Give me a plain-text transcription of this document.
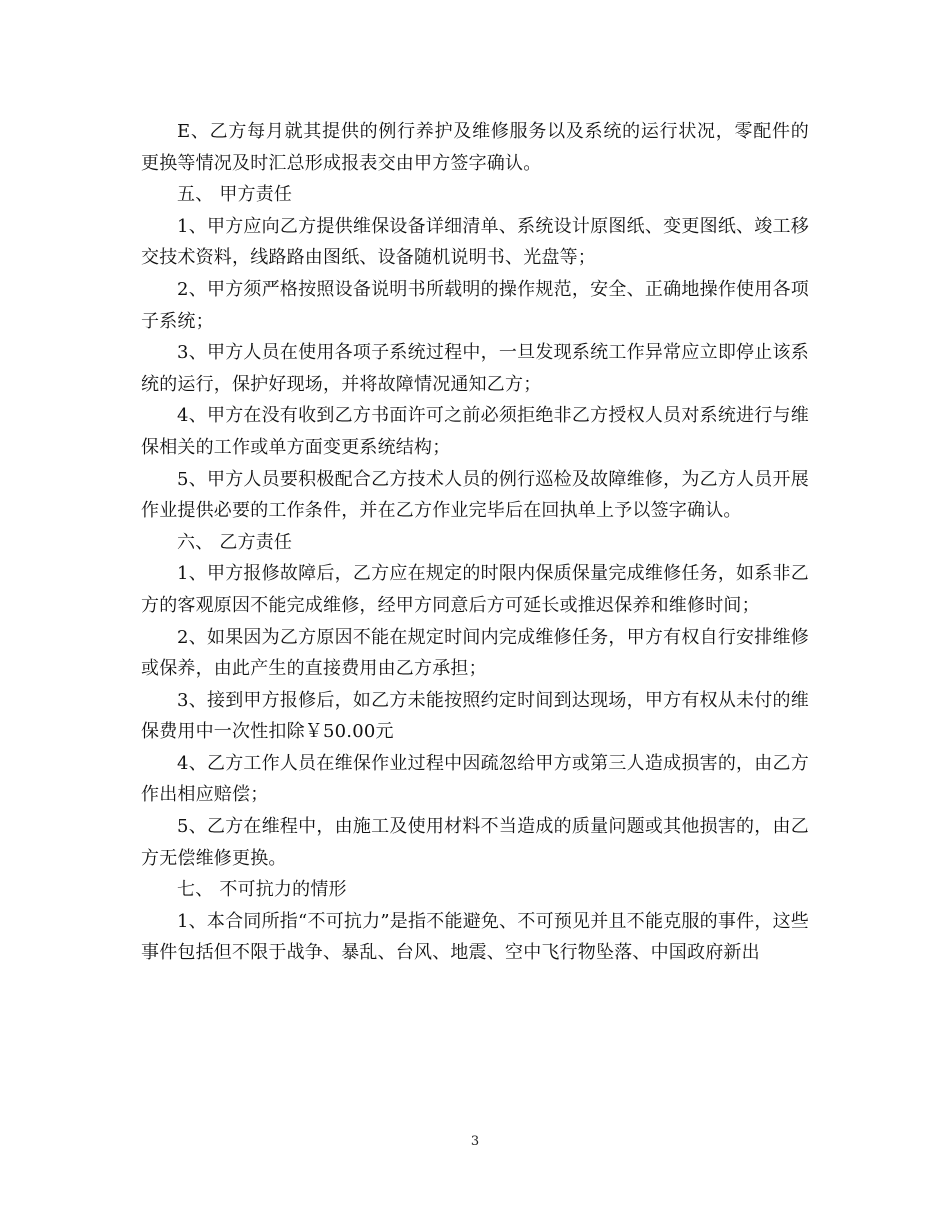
E、乙方每月就其提供的例行养护及维修服务以及系统的运行状况，零配件的更换等情况及时汇总形成报表交由甲方签字确认。

五、 甲方责任

1、甲方应向乙方提供维保设备详细清单、系统设计原图纸、变更图纸、竣工移交技术资料，线路路由图纸、设备随机说明书、光盘等；

2、甲方须严格按照设备说明书所载明的操作规范，安全、正确地操作使用各项子系统；

3、甲方人员在使用各项子系统过程中，一旦发现系统工作异常应立即停止该系统的运行，保护好现场，并将故障情况通知乙方；

4、甲方在没有收到乙方书面许可之前必须拒绝非乙方授权人员对系统进行与维保相关的工作或单方面变更系统结构；

5、甲方人员要积极配合乙方技术人员的例行巡检及故障维修，为乙方人员开展作业提供必要的工作条件，并在乙方作业完毕后在回执单上予以签字确认。

六、 乙方责任

1、甲方报修故障后，乙方应在规定的时限内保质保量完成维修任务，如系非乙方的客观原因不能完成维修，经甲方同意后方可延长或推迟保养和维修时间；

2、如果因为乙方原因不能在规定时间内完成维修任务，甲方有权自行安排维修或保养，由此产生的直接费用由乙方承担；

3、接到甲方报修后，如乙方未能按照约定时间到达现场，甲方有权从未付的维保费用中一次性扣除￥50.00元

4、乙方工作人员在维保作业过程中因疏忽给甲方或第三人造成损害的，由乙方作出相应赔偿；

5、乙方在维程中，由施工及使用材料不当造成的质量问题或其他损害的，由乙方无偿维修更换。

七、 不可抗力的情形

1、本合同所指“不可抗力”是指不能避免、不可预见并且不能克服的事件，这些事件包括但不限于战争、暴乱、台风、地震、空中飞行物坠落、中国政府新出

3
